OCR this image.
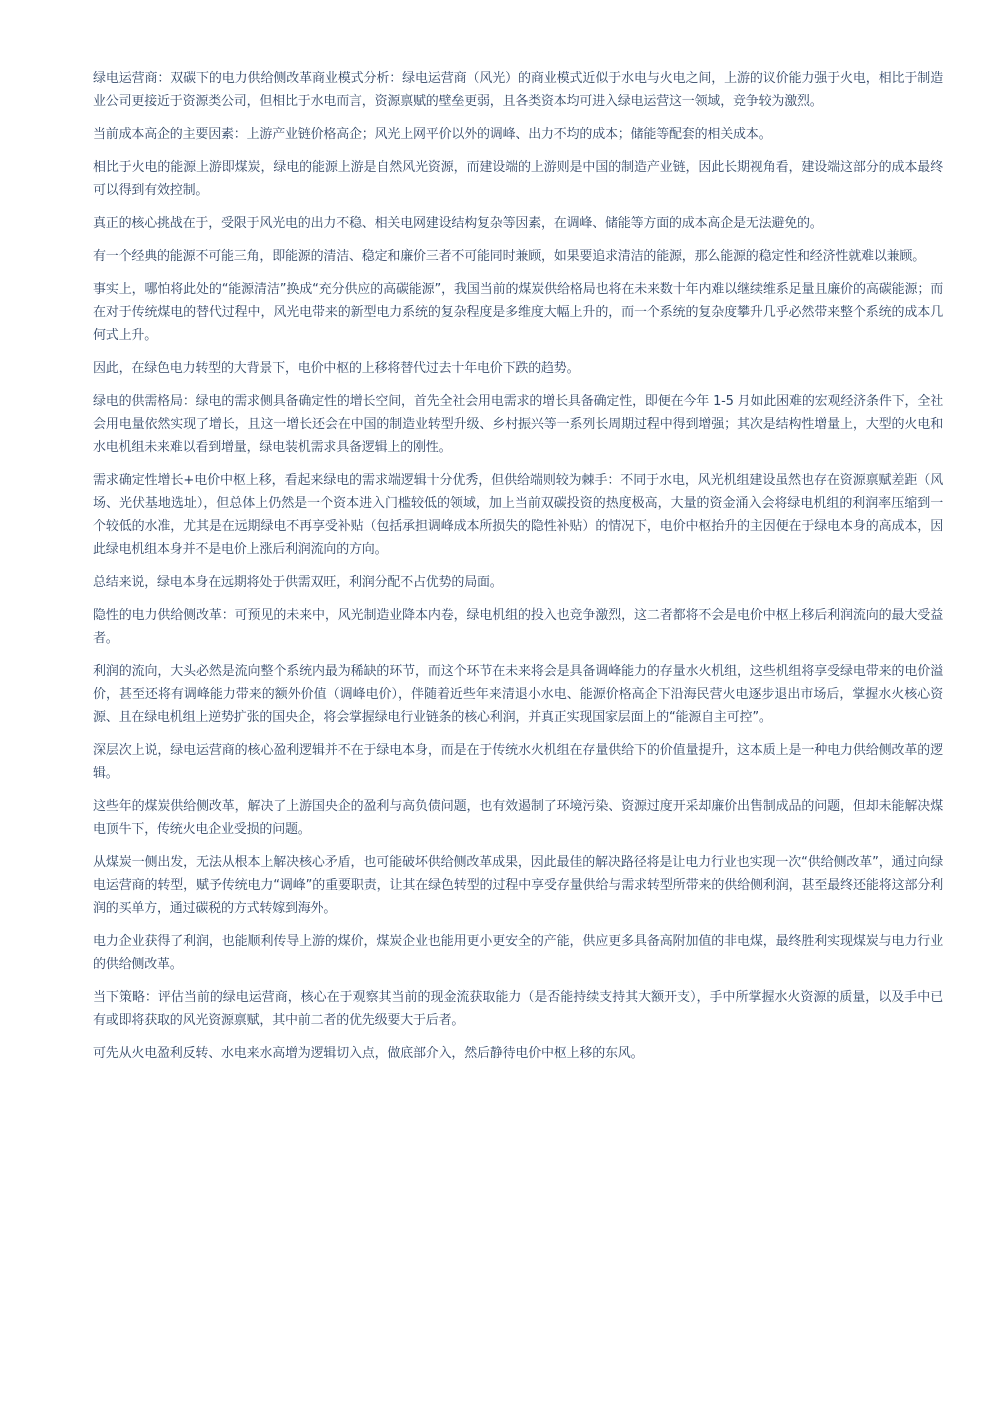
绿电运营商：双碳下的电力供给侧改革商业模式分析：绿电运营商（风光）的商业模式近似于水电与火电之间，上游的议价能力强于火电，相比于制造业公司更接近于资源类公司，但相比于水电而言，资源禀赋的壁垒更弱，且各类资本均可进入绿电运营这一领域，竞争较为激烈。

当前成本高企的主要因素：上游产业链价格高企；风光上网平价以外的调峰、出力不均的成本；储能等配套的相关成本。

相比于火电的能源上游即煤炭，绿电的能源上游是自然风光资源，而建设端的上游则是中国的制造产业链，因此长期视角看，建设端这部分的成本最终可以得到有效控制。

真正的核心挑战在于，受限于风光电的出力不稳、相关电网建设结构复杂等因素，在调峰、储能等方面的成本高企是无法避免的。

有一个经典的能源不可能三角，即能源的清洁、稳定和廉价三者不可能同时兼顾，如果要追求清洁的能源，那么能源的稳定性和经济性就难以兼顾。

事实上，哪怕将此处的“能源清洁”换成“充分供应的高碳能源”，我国当前的煤炭供给格局也将在未来数十年内难以继续维系足量且廉价的高碳能源；而在对于传统煤电的替代过程中，风光电带来的新型电力系统的复杂程度是多维度大幅上升的，而一个系统的复杂度攀升几乎必然带来整个系统的成本几何式上升。

因此，在绿色电力转型的大背景下，电价中枢的上移将替代过去十年电价下跌的趋势。

绿电的供需格局：绿电的需求侧具备确定性的增长空间，首先全社会用电需求的增长具备确定性，即便在今年 1-5 月如此困难的宏观经济条件下，全社会用电量依然实现了增长，且这一增长还会在中国的制造业转型升级、乡村振兴等一系列长周期过程中得到增强；其次是结构性增量上，大型的火电和水电机组未来难以看到增量，绿电装机需求具备逻辑上的刚性。

需求确定性增长+电价中枢上移，看起来绿电的需求端逻辑十分优秀，但供给端则较为棘手：不同于水电，风光机组建设虽然也存在资源禀赋差距（风场、光伏基地选址），但总体上仍然是一个资本进入门槛较低的领域，加上当前双碳投资的热度极高，大量的资金涌入会将绿电机组的利润率压缩到一个较低的水准，尤其是在远期绿电不再享受补贴（包括承担调峰成本所损失的隐性补贴）的情况下，电价中枢抬升的主因便在于绿电本身的高成本，因此绿电机组本身并不是电价上涨后利润流向的方向。

总结来说，绿电本身在远期将处于供需双旺，利润分配不占优势的局面。

隐性的电力供给侧改革：可预见的未来中，风光制造业降本内卷，绿电机组的投入也竞争激烈，这二者都将不会是电价中枢上移后利润流向的最大受益者。

利润的流向，大头必然是流向整个系统内最为稀缺的环节，而这个环节在未来将会是具备调峰能力的存量水火机组，这些机组将享受绿电带来的电价溢价，甚至还将有调峰能力带来的额外价值（调峰电价），伴随着近些年来清退小水电、能源价格高企下沿海民营火电逐步退出市场后，掌握水火核心资源、且在绿电机组上逆势扩张的国央企，将会掌握绿电行业链条的核心利润，并真正实现国家层面上的“能源自主可控”。

深层次上说，绿电运营商的核心盈利逻辑并不在于绿电本身，而是在于传统水火机组在存量供给下的价值量提升，这本质上是一种电力供给侧改革的逻辑。

这些年的煤炭供给侧改革，解决了上游国央企的盈利与高负债问题，也有效遏制了环境污染、资源过度开采却廉价出售制成品的问题，但却未能解决煤电顶牛下，传统火电企业受损的问题。

从煤炭一侧出发，无法从根本上解决核心矛盾，也可能破坏供给侧改革成果，因此最佳的解决路径将是让电力行业也实现一次“供给侧改革”，通过向绿电运营商的转型，赋予传统电力“调峰”的重要职责，让其在绿色转型的过程中享受存量供给与需求转型所带来的供给侧利润，甚至最终还能将这部分利润的买单方，通过碳税的方式转嫁到海外。

电力企业获得了利润，也能顺利传导上游的煤价，煤炭企业也能用更小更安全的产能，供应更多具备高附加值的非电煤，最终胜利实现煤炭与电力行业的供给侧改革。

当下策略：评估当前的绿电运营商，核心在于观察其当前的现金流获取能力（是否能持续支持其大额开支），手中所掌握水火资源的质量，以及手中已有或即将获取的风光资源禀赋，其中前二者的优先级要大于后者。

可先从火电盈利反转、水电来水高增为逻辑切入点，做底部介入，然后静待电价中枢上移的东风。
